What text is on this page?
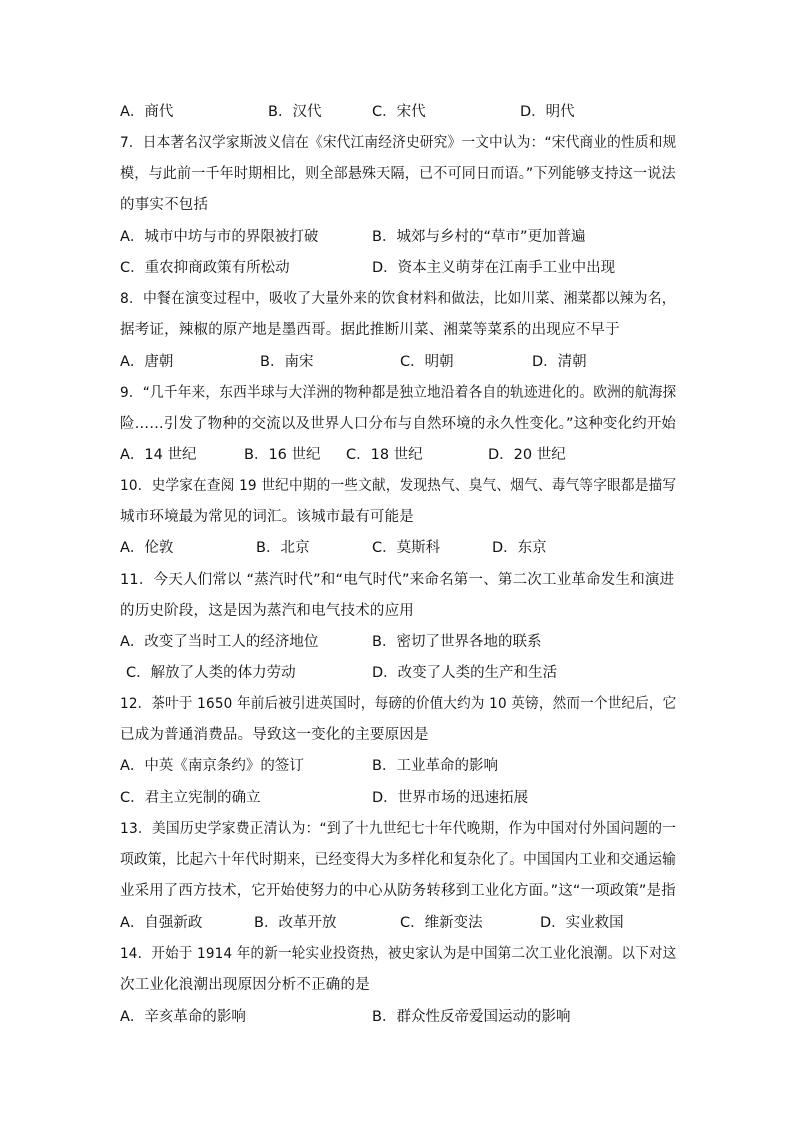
A．商代	B．汉代	C．宋代	D．明代
7．日本著名汉学家斯波义信在《宋代江南经济史研究》一文中认为：“宋代商业的性质和规
模，与此前一千年时期相比，则全部悬殊天隔，已不可同日而语。”下列能够支持这一说法
的事实不包括
A．城市中坊与市的界限被打破	B．城郊与乡村的“草市”更加普遍
C．重农抑商政策有所松动	D．资本主义萌芽在江南手工业中出现
8．中餐在演变过程中，吸收了大量外来的饮食材料和做法，比如川菜、湘菜都以辣为名，
据考证，辣椒的原产地是墨西哥。据此推断川菜、湘菜等菜系的出现应不早于
A．唐朝	B．南宋	C．明朝	D．清朝
9．“几千年来，东西半球与大洋洲的物种都是独立地沿着各自的轨迹进化的。欧洲的航海探
险……引发了物种的交流以及世界人口分布与自然环境的永久性变化。”这种变化约开始
A．14 世纪	B．16 世纪 C．18 世纪	D．20 世纪
10．史学家在查阅 19 世纪中期的一些文献，发现热气、臭气、烟气、毒气等字眼都是描写
城市环境最为常见的词汇。该城市最有可能是
A．伦敦	B．北京	C．莫斯科	D．东京
11．今天人们常以 “蒸汽时代”和“电气时代”来命名第一、第二次工业革命发生和演进
的历史阶段，这是因为蒸汽和电气技术的应用
A．改变了当时工人的经济地位	B．密切了世界各地的联系
C．解放了人类的体力劳动	D．改变了人类的生产和生活
12．茶叶于 1650 年前后被引进英国时，每磅的价值大约为 10 英镑，然而一个世纪后，它
已成为普通消费品。导致这一变化的主要原因是
A．中英《南京条约》的签订	B．工业革命的影响
C．君主立宪制的确立	D．世界市场的迅速拓展
13．美国历史学家费正清认为：“到了十九世纪七十年代晚期，作为中国对付外国问题的一
项政策，比起六十年代时期来，已经变得大为多样化和复杂化了。中国国内工业和交通运输
业采用了西方技术，它开始使努力的中心从防务转移到工业化方面。”这“一项政策”是指
A．自强新政	B．改革开放	C．维新变法	D．实业救国
14．开始于 1914 年的新一轮实业投资热，被史家认为是中国第二次工业化浪潮。以下对这
次工业化浪潮出现原因分析不正确的是
A．辛亥革命的影响	B．群众性反帝爱国运动的影响
